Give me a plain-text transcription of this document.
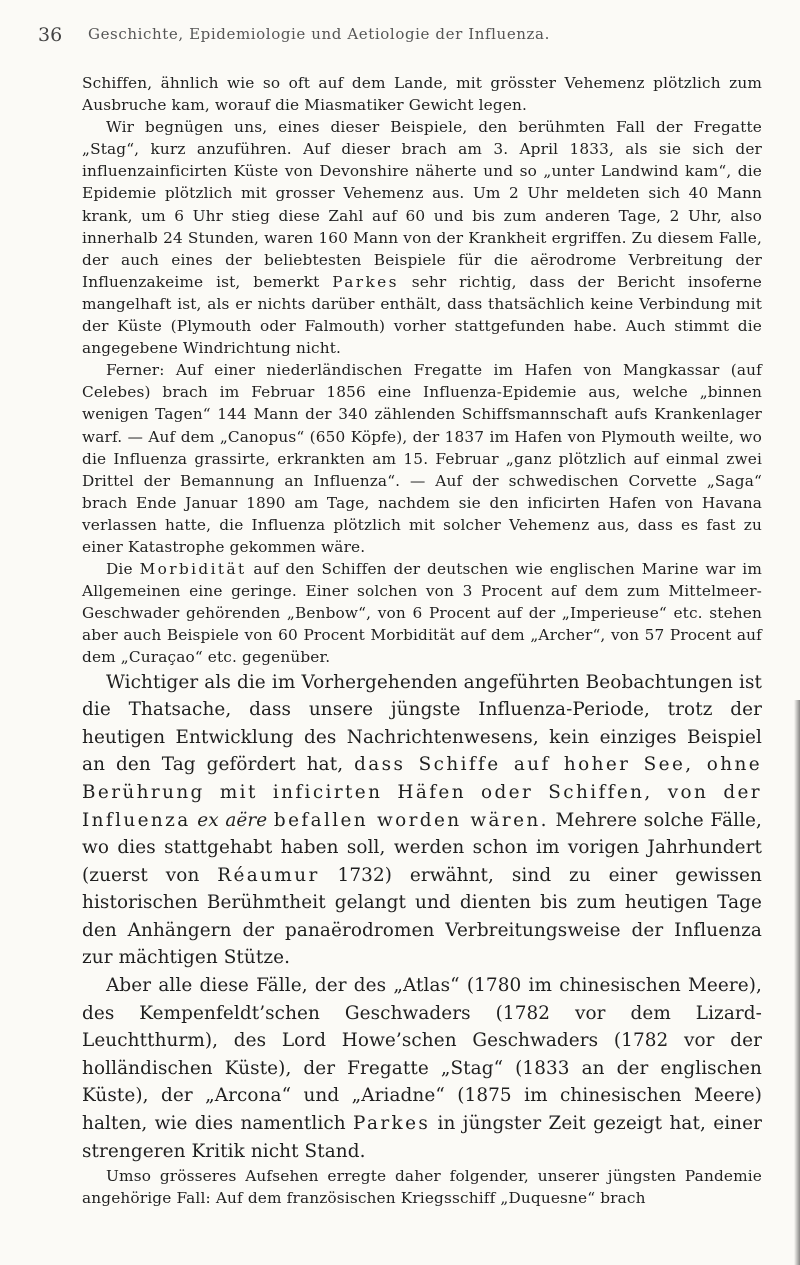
36 Geschichte, Epidemiologie und Aetiologie der Influenza.

Schiffen, ähnlich wie so oft auf dem Lande, mit grösster Vehemenz plötzlich zum Ausbruche kam, worauf die Miasmatiker Gewicht legen.

Wir begnügen uns, eines dieser Beispiele, den berühmten Fall der Fregatte „Stag“, kurz anzuführen. Auf dieser brach am 3. April 1833, als sie sich der influenzainficirten Küste von Devonshire näherte und so „unter Landwind kam“, die Epidemie plötzlich mit grosser Vehemenz aus. Um 2 Uhr meldeten sich 40 Mann krank, um 6 Uhr stieg diese Zahl auf 60 und bis zum anderen Tage, 2 Uhr, also innerhalb 24 Stunden, waren 160 Mann von der Krankheit ergriffen. Zu diesem Falle, der auch eines der beliebtesten Beispiele für die aërodrome Verbreitung der Influenzakeime ist, bemerkt Parkes sehr richtig, dass der Bericht insoferne mangelhaft ist, als er nichts darüber enthält, dass thatsächlich keine Verbindung mit der Küste (Plymouth oder Falmouth) vorher stattgefunden habe. Auch stimmt die angegebene Windrichtung nicht.

Ferner: Auf einer niederländischen Fregatte im Hafen von Mangkassar (auf Celebes) brach im Februar 1856 eine Influenza-Epidemie aus, welche „binnen wenigen Tagen“ 144 Mann der 340 zählenden Schiffsmannschaft aufs Krankenlager warf. — Auf dem „Canopus“ (650 Köpfe), der 1837 im Hafen von Plymouth weilte, wo die Influenza grassirte, erkrankten am 15. Februar „ganz plötzlich auf einmal zwei Drittel der Bemannung an Influenza“. — Auf der schwedischen Corvette „Saga“ brach Ende Januar 1890 am Tage, nachdem sie den inficirten Hafen von Havana verlassen hatte, die Influenza plötzlich mit solcher Vehemenz aus, dass es fast zu einer Katastrophe gekommen wäre.

Die Morbidität auf den Schiffen der deutschen wie englischen Marine war im Allgemeinen eine geringe. Einer solchen von 3 Procent auf dem zum Mittelmeer-Geschwader gehörenden „Benbow“, von 6 Procent auf der „Imperieuse“ etc. stehen aber auch Beispiele von 60 Procent Morbidität auf dem „Archer“, von 57 Procent auf dem „Curaçao“ etc. gegenüber.

Wichtiger als die im Vorhergehenden angeführten Beobachtungen ist die Thatsache, dass unsere jüngste Influenza-Periode, trotz der heutigen Entwicklung des Nachrichtenwesens, kein einziges Beispiel an den Tag gefördert hat, dass Schiffe auf hoher See, ohne Berührung mit inficirten Häfen oder Schiffen, von der Influenza ex aëre befallen worden wären. Mehrere solche Fälle, wo dies stattgehabt haben soll, werden schon im vorigen Jahrhundert (zuerst von Réaumur 1732) erwähnt, sind zu einer gewissen historischen Berühmtheit gelangt und dienten bis zum heutigen Tage den Anhängern der panaërodromen Verbreitungsweise der Influenza zur mächtigen Stütze.

Aber alle diese Fälle, der des „Atlas“ (1780 im chinesischen Meere), des Kempenfeldt’schen Geschwaders (1782 vor dem Lizard-Leuchtthurm), des Lord Howe’schen Geschwaders (1782 vor der holländischen Küste), der Fregatte „Stag“ (1833 an der englischen Küste), der „Arcona“ und „Ariadne“ (1875 im chinesischen Meere) halten, wie dies namentlich Parkes in jüngster Zeit gezeigt hat, einer strengeren Kritik nicht Stand.

Umso grösseres Aufsehen erregte daher folgender, unserer jüngsten Pandemie angehörige Fall: Auf dem französischen Kriegsschiff „Duquesne“ brach
